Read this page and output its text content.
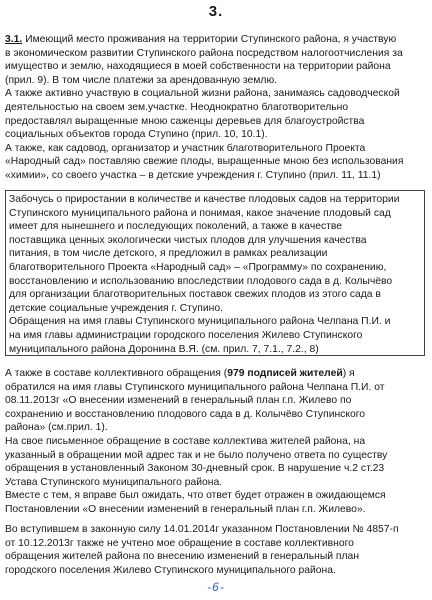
3.
3.1. Имеющий место проживания на территории Ступинского района, я участвую
в экономическом развитии Ступинского района посредством налогоотчисления за
имущество и землю, находящиеся в моей собственности на территории района
(прил. 9). В том числе платежи за арендованную землю.
А также активно участвую в социальной жизни района, занимаясь садоводческой
деятельностью на своем зем.участке. Неоднократно благотворительно
предоставлял выращенные мною саженцы деревьев для благоустройства
социальных объектов города Ступино (прил. 10, 10.1).
А также, как садовод, организатор и участник благотворительного Проекта
«Народный сад» поставляю свежие плоды, выращенные мною без использования
«химии», со своего участка – в детские учреждения г. Ступино (прил. 11, 11.1)
Забочусь о приростании в количестве и качестве плодовых садов на территории
Ступинского муниципального района и понимая, какое значение плодовый сад
имеет для нынешнего и последующих поколений, а также в качестве
поставщика ценных экологически чистых плодов для улучшения качества
питания, в том числе детского, я предложил в рамках реализации
благотворительного Проекта «Народный сад» – «Программу» по сохранению,
восстановлению и использованию впоследствии плодового сада в д. Колычёво
для организации благотворительных поставок свежих плодов из этого сада в
детские социальные учреждения г. Ступино.
Обращения на имя главы Ступинского муниципального района Челпана П.И. и
на имя главы администрации городского поселения Жилево Ступинского
муниципального района Доронина В.Я. (см. прил. 7, 7.1., 7.2., 8)
А также в составе коллективного обращения (979 подписей жителей) я
обратился на имя главы Ступинского муниципального района Челпана П.И. от
08.11.2013г «О внесении изменений в генеральный план г.п. Жилево по
сохранению и восстановлению плодового сада в д. Колычёво Ступинского
района» (см.прил. 1).
На свое письменное обращение в составе коллектива жителей района, на
указанный в обращении мой адрес так и не было получено ответа по существу
обращения в установленный Законом 30-дневный срок. В нарушение ч.2 ст.23
Устава Ступинского муниципального района.
Вместе с тем, я вправе был ожидать, что ответ будет отражен в ожидающемся
Постановлении «О внесении изменений в генеральный план г.п. Жилево».
Во вступившем в законную силу 14.01.2014г указанном Постановлении № 4857-п
от 10.12.2013г также не учтено мое обращение в составе коллективного
обращения жителей района по внесению изменений в генеральный план
городского поселения Жилево Ступинского муниципального района.
-6-
